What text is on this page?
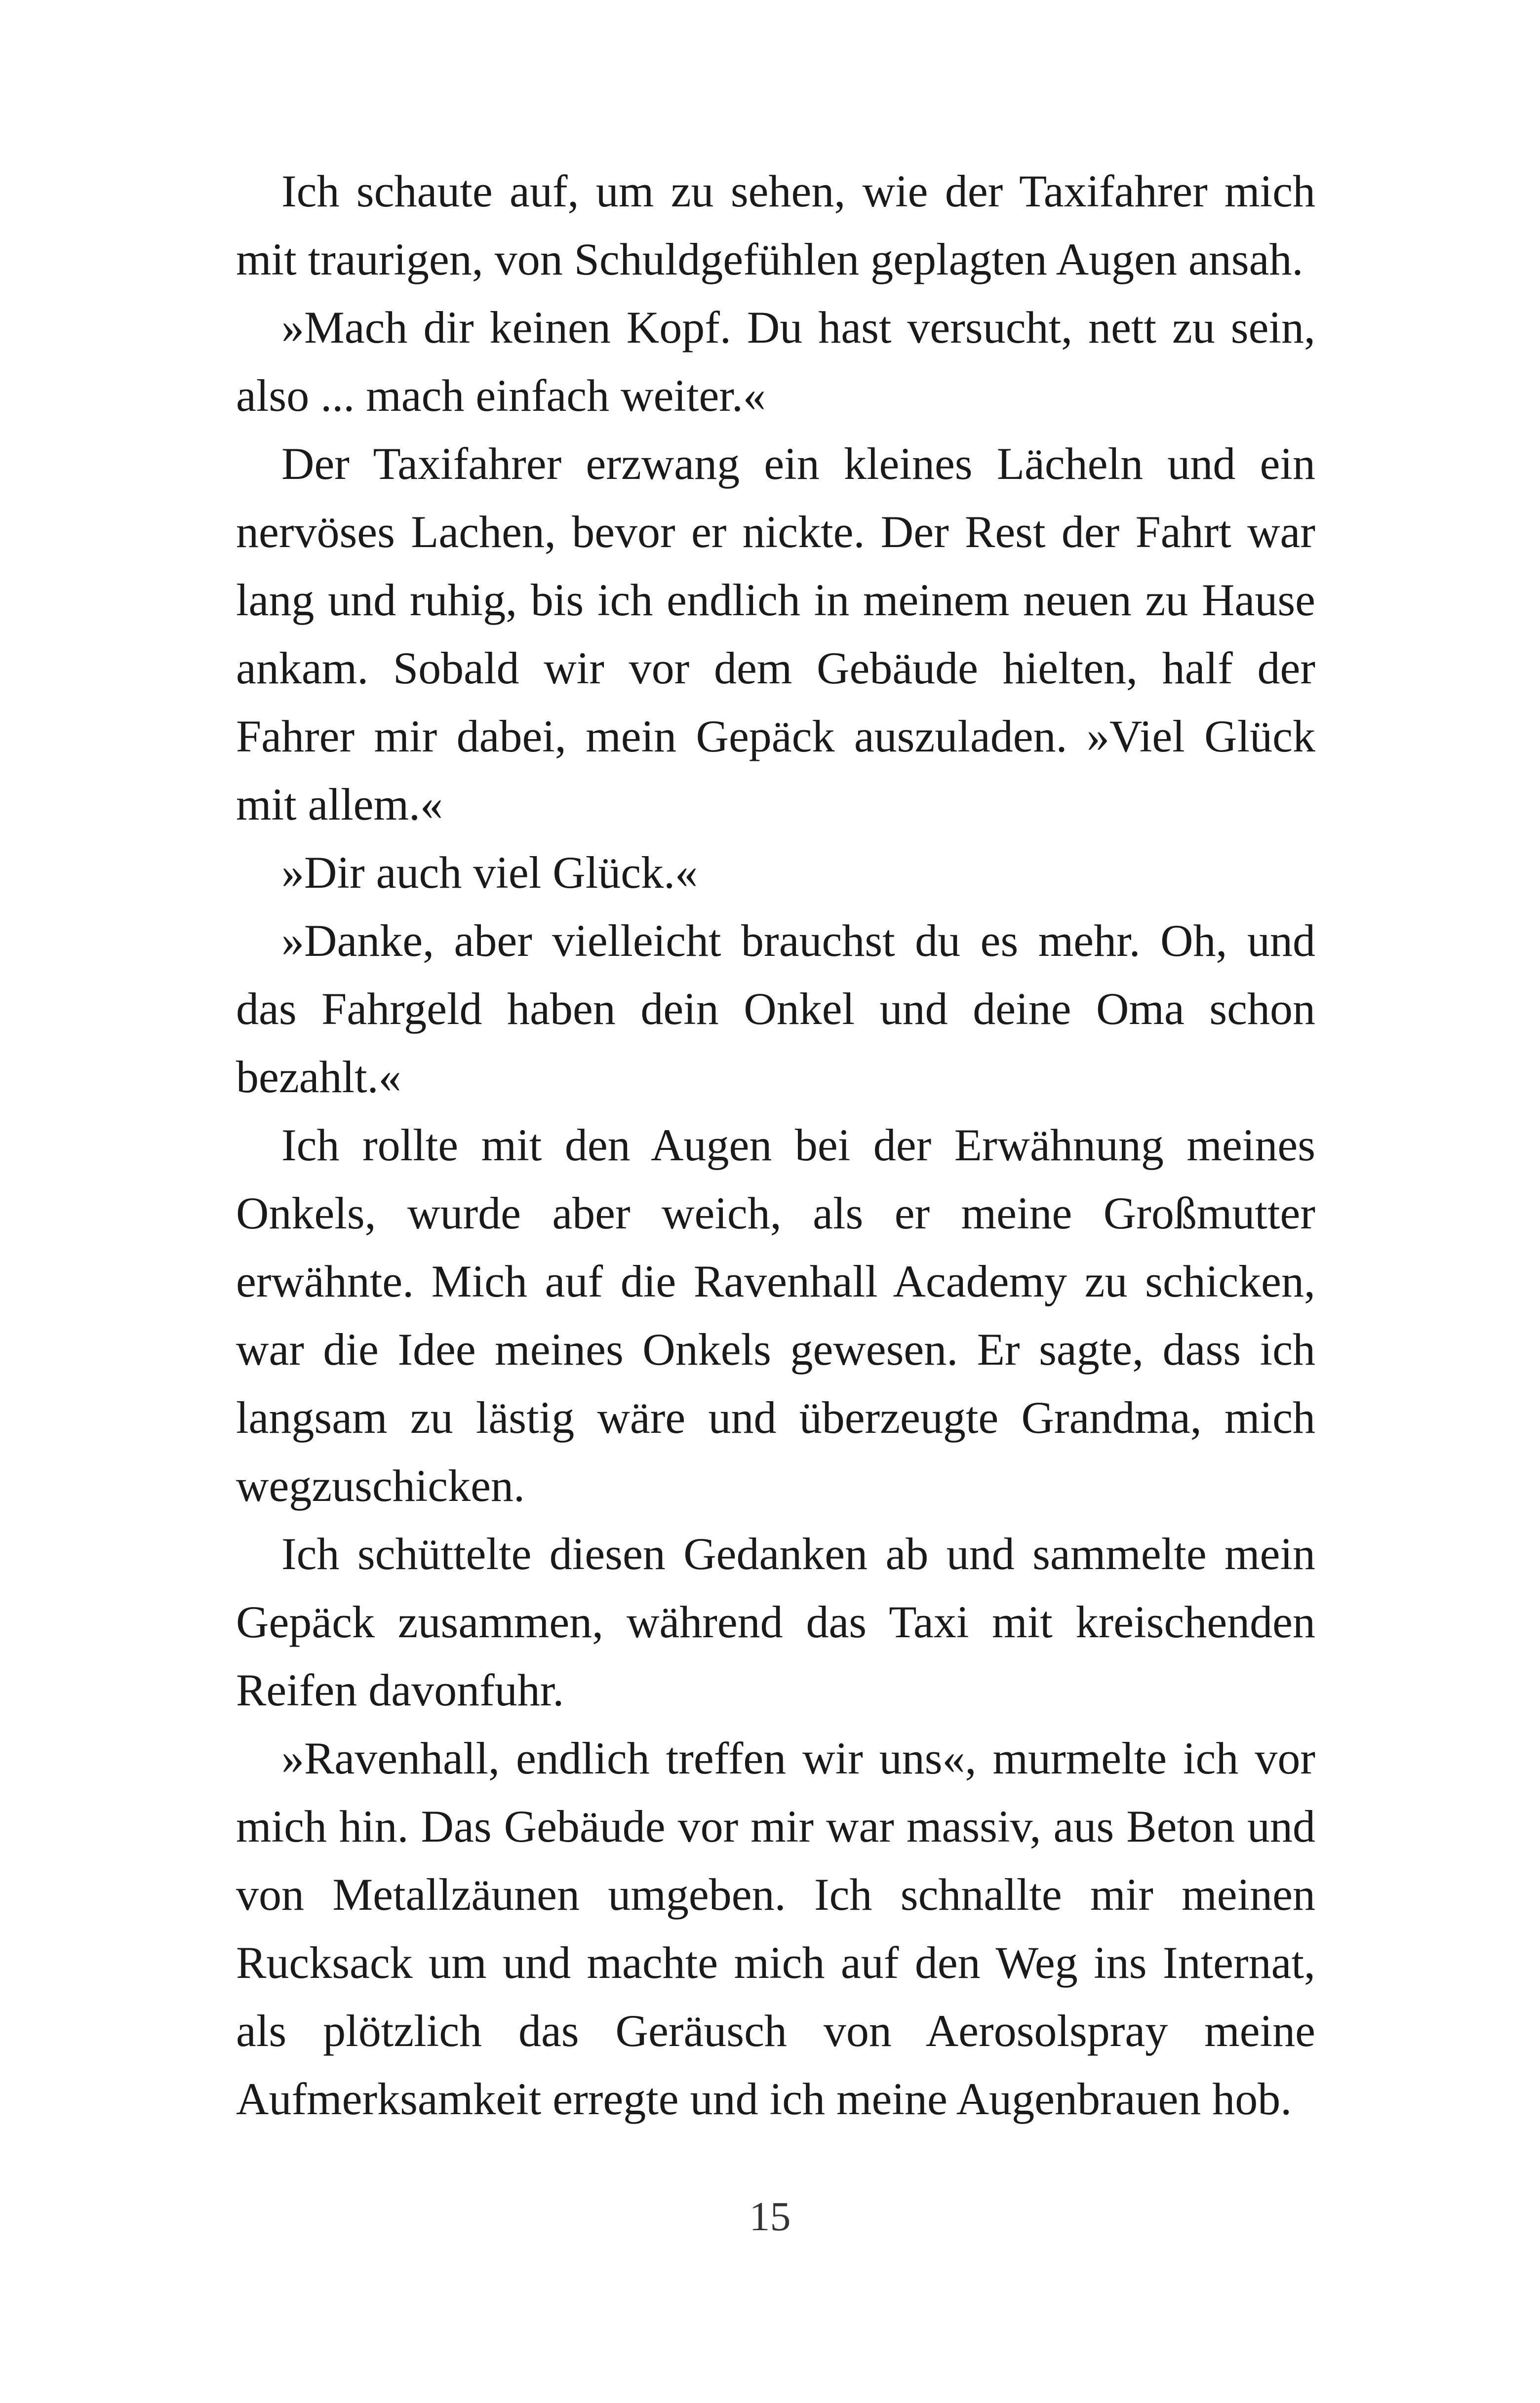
Ich schaute auf, um zu sehen, wie der Taxifahrer mich mit traurigen, von Schuldgefühlen geplagten Augen ansah.

»Mach dir keinen Kopf. Du hast versucht, nett zu sein, also ... mach einfach weiter.«

Der Taxifahrer erzwang ein kleines Lächeln und ein nervöses Lachen, bevor er nickte. Der Rest der Fahrt war lang und ruhig, bis ich endlich in meinem neuen zu Hause ankam. Sobald wir vor dem Gebäude hielten, half der Fahrer mir dabei, mein Gepäck auszuladen. »Viel Glück mit allem.«

»Dir auch viel Glück.«

»Danke, aber vielleicht brauchst du es mehr. Oh, und das Fahrgeld haben dein Onkel und deine Oma schon bezahlt.«

Ich rollte mit den Augen bei der Erwähnung meines Onkels, wurde aber weich, als er meine Großmutter erwähnte. Mich auf die Ravenhall Academy zu schicken, war die Idee meines Onkels gewesen. Er sagte, dass ich langsam zu lästig wäre und überzeugte Grandma, mich wegzuschicken.

Ich schüttelte diesen Gedanken ab und sammelte mein Gepäck zusammen, während das Taxi mit kreischenden Reifen davonfuhr.

»Ravenhall, endlich treffen wir uns«, murmelte ich vor mich hin. Das Gebäude vor mir war massiv, aus Beton und von Metallzäunen umgeben. Ich schnallte mir meinen Rucksack um und machte mich auf den Weg ins Internat, als plötzlich das Geräusch von Aerosolspray meine Aufmerksamkeit erregte und ich meine Augenbrauen hob.

15
